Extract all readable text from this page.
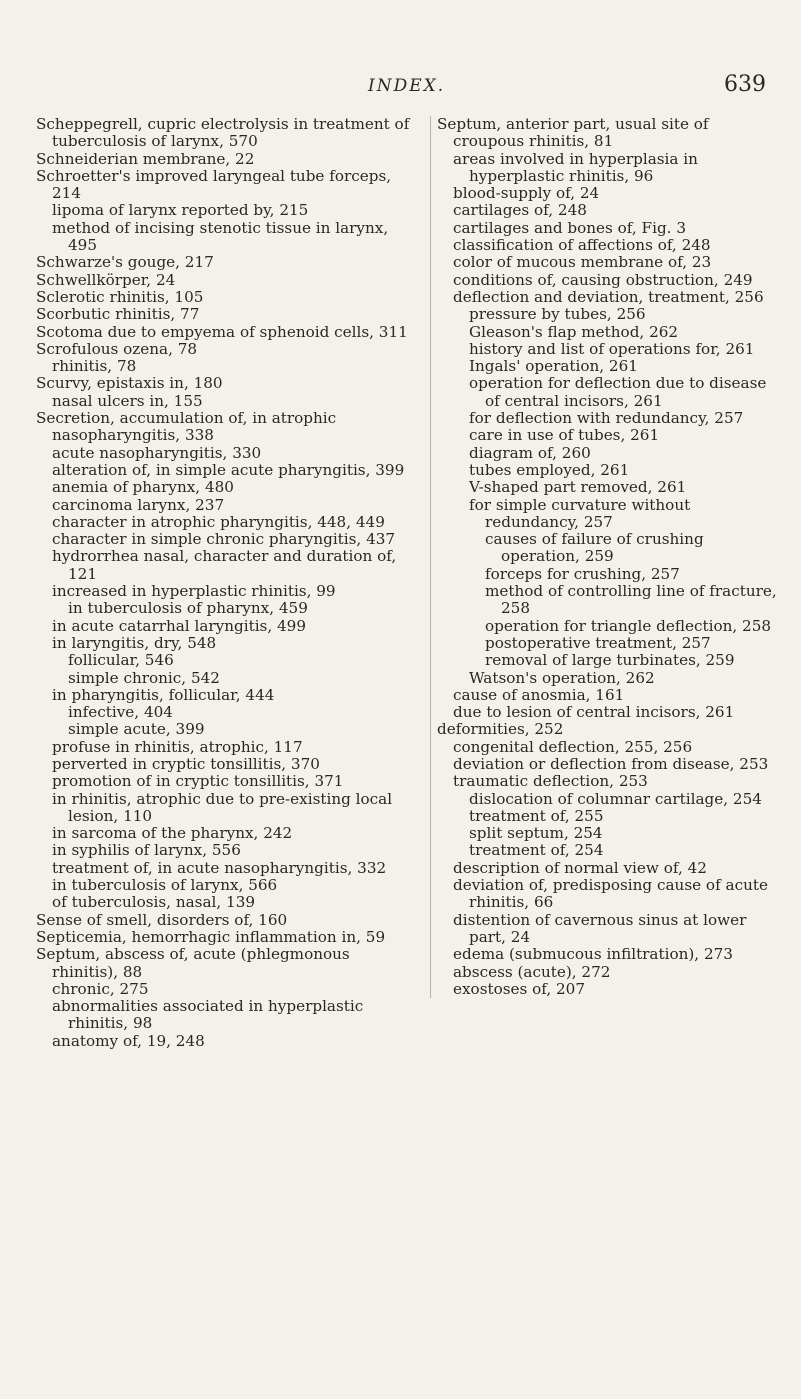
INDEX.	639
Scheppegrell, cupric electrolysis in treatment of tuberculosis of larynx, 570
Schneiderian membrane, 22
Schroetter's improved laryngeal tube forceps, 214
lipoma of larynx reported by, 215
method of incising stenotic tissue in larynx, 495
Schwarze's gouge, 217
Schwellkörper, 24
Sclerotic rhinitis, 105
Scorbutic rhinitis, 77
Scotoma due to empyema of sphenoid cells, 311
Scrofulous ozena, 78
rhinitis, 78
Scurvy, epistaxis in, 180
nasal ulcers in, 155
Secretion, accumulation of, in atrophic nasopharyngitis, 338
acute nasopharyngitis, 330
alteration of, in simple acute pharyngitis, 399
anemia of pharynx, 480
carcinoma larynx, 237
character in atrophic pharyngitis, 448, 449
character in simple chronic pharyngitis, 437
hydrorrhea nasal, character and duration of, 121
increased in hyperplastic rhinitis, 99
in tuberculosis of pharynx, 459
in acute catarrhal laryngitis, 499
in laryngitis, dry, 548
follicular, 546
simple chronic, 542
in pharyngitis, follicular, 444
infective, 404
simple acute, 399
profuse in rhinitis, atrophic, 117
perverted in cryptic tonsillitis, 370
promotion of in cryptic tonsillitis, 371
in rhinitis, atrophic due to pre-existing local lesion, 110
in sarcoma of the pharynx, 242
in syphilis of larynx, 556
treatment of, in acute nasopharyngitis, 332
in tuberculosis of larynx, 566
of tuberculosis, nasal, 139
Sense of smell, disorders of, 160
Septicemia, hemorrhagic inflammation in, 59
Septum, abscess of, acute (phlegmonous rhinitis), 88
chronic, 275
abnormalities associated in hyperplastic rhinitis, 98
anatomy of, 19, 248
Septum, anterior part, usual site of croupous rhinitis, 81
areas involved in hyperplasia in hyperplastic rhinitis, 96
blood-supply of, 24
cartilages of, 248
cartilages and bones of, Fig. 3
classification of affections of, 248
color of mucous membrane of, 23
conditions of, causing obstruction, 249
deflection and deviation, treatment, 256
pressure by tubes, 256
Gleason's flap method, 262
history and list of operations for, 261
Ingals' operation, 261
operation for deflection due to disease of central incisors, 261
for deflection with redundancy, 257
care in use of tubes, 261
diagram of, 260
tubes employed, 261
V-shaped part removed, 261
for simple curvature without redundancy, 257
causes of failure of crushing operation, 259
forceps for crushing, 257
method of controlling line of fracture, 258
operation for triangle deflection, 258
postoperative treatment, 257
removal of large turbinates, 259
Watson's operation, 262
cause of anosmia, 161
due to lesion of central incisors, 261
deformities, 252
congenital deflection, 255, 256
deviation or deflection from disease, 253
traumatic deflection, 253
dislocation of columnar cartilage, 254
treatment of, 255
split septum, 254
treatment of, 254
description of normal view of, 42
deviation of, predisposing cause of acute rhinitis, 66
distention of cavernous sinus at lower part, 24
edema (submucous infiltration), 273
abscess (acute), 272
exostoses of, 207
